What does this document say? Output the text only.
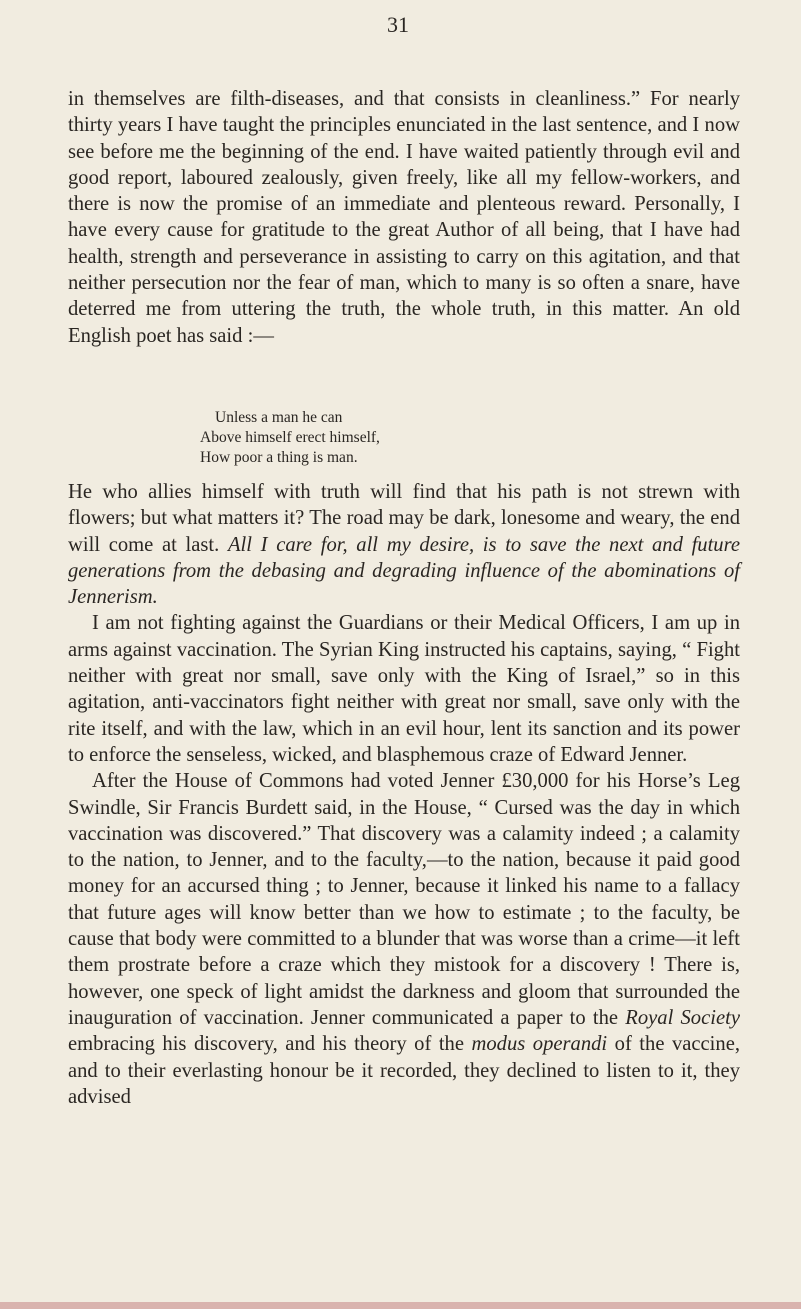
31

in themselves are filth-diseases, and that consists in cleanliness.” For nearly thirty years I have taught the principles enunciated in the last sentence, and I now see before me the beginning of the end. I have waited patiently through evil and good report, laboured zealously, given freely, like all my fellow-workers, and there is now the promise of an immediate and plenteous reward. Personally, I have every cause for gratitude to the great Author of all being, that I have had health, strength and perseverance in assisting to carry on this agitation, and that neither persecution nor the fear of man, which to many is so often a snare, have deterred me from uttering the truth, the whole truth, in this matter. An old English poet has said :—

Unless a man he can
Above himself erect himself,
How poor a thing is man.

He who allies himself with truth will find that his path is not strewn with flowers; but what matters it? The road may be dark, lonesome and weary, the end will come at last. All I care for, all my desire, is to save the next and future generations from the debasing and degrading influence of the abominations of Jennerism.

I am not fighting against the Guardians or their Medical Officers, I am up in arms against vaccination. The Syrian King instructed his captains, saying, “ Fight neither with great nor small, save only with the King of Israel,” so in this agitation, anti-vaccinators fight neither with great nor small, save only with the rite itself, and with the law, which in an evil hour, lent its sanction and its power to enforce the senseless, wicked, and blasphemous craze of Edward Jenner.

After the House of Commons had voted Jenner £30,000 for his Horse’s Leg Swindle, Sir Francis Burdett said, in the House, “ Cursed was the day in which vaccination was discovered.” That discovery was a calamity indeed ; a calamity to the nation, to Jenner, and to the faculty,—to the nation, because it paid good money for an accursed thing ; to Jenner, because it linked his name to a fallacy that future ages will know better than we how to estimate ; to the faculty, be cause that body were committed to a blunder that was worse than a crime—it left them prostrate before a craze which they mistook for a discovery ! There is, however, one speck of light amidst the darkness and gloom that surrounded the inauguration of vaccination. Jenner communicated a paper to the Royal Society embracing his discovery, and his theory of the modus operandi of the vaccine, and to their everlasting honour be it recorded, they declined to listen to it, they advised
